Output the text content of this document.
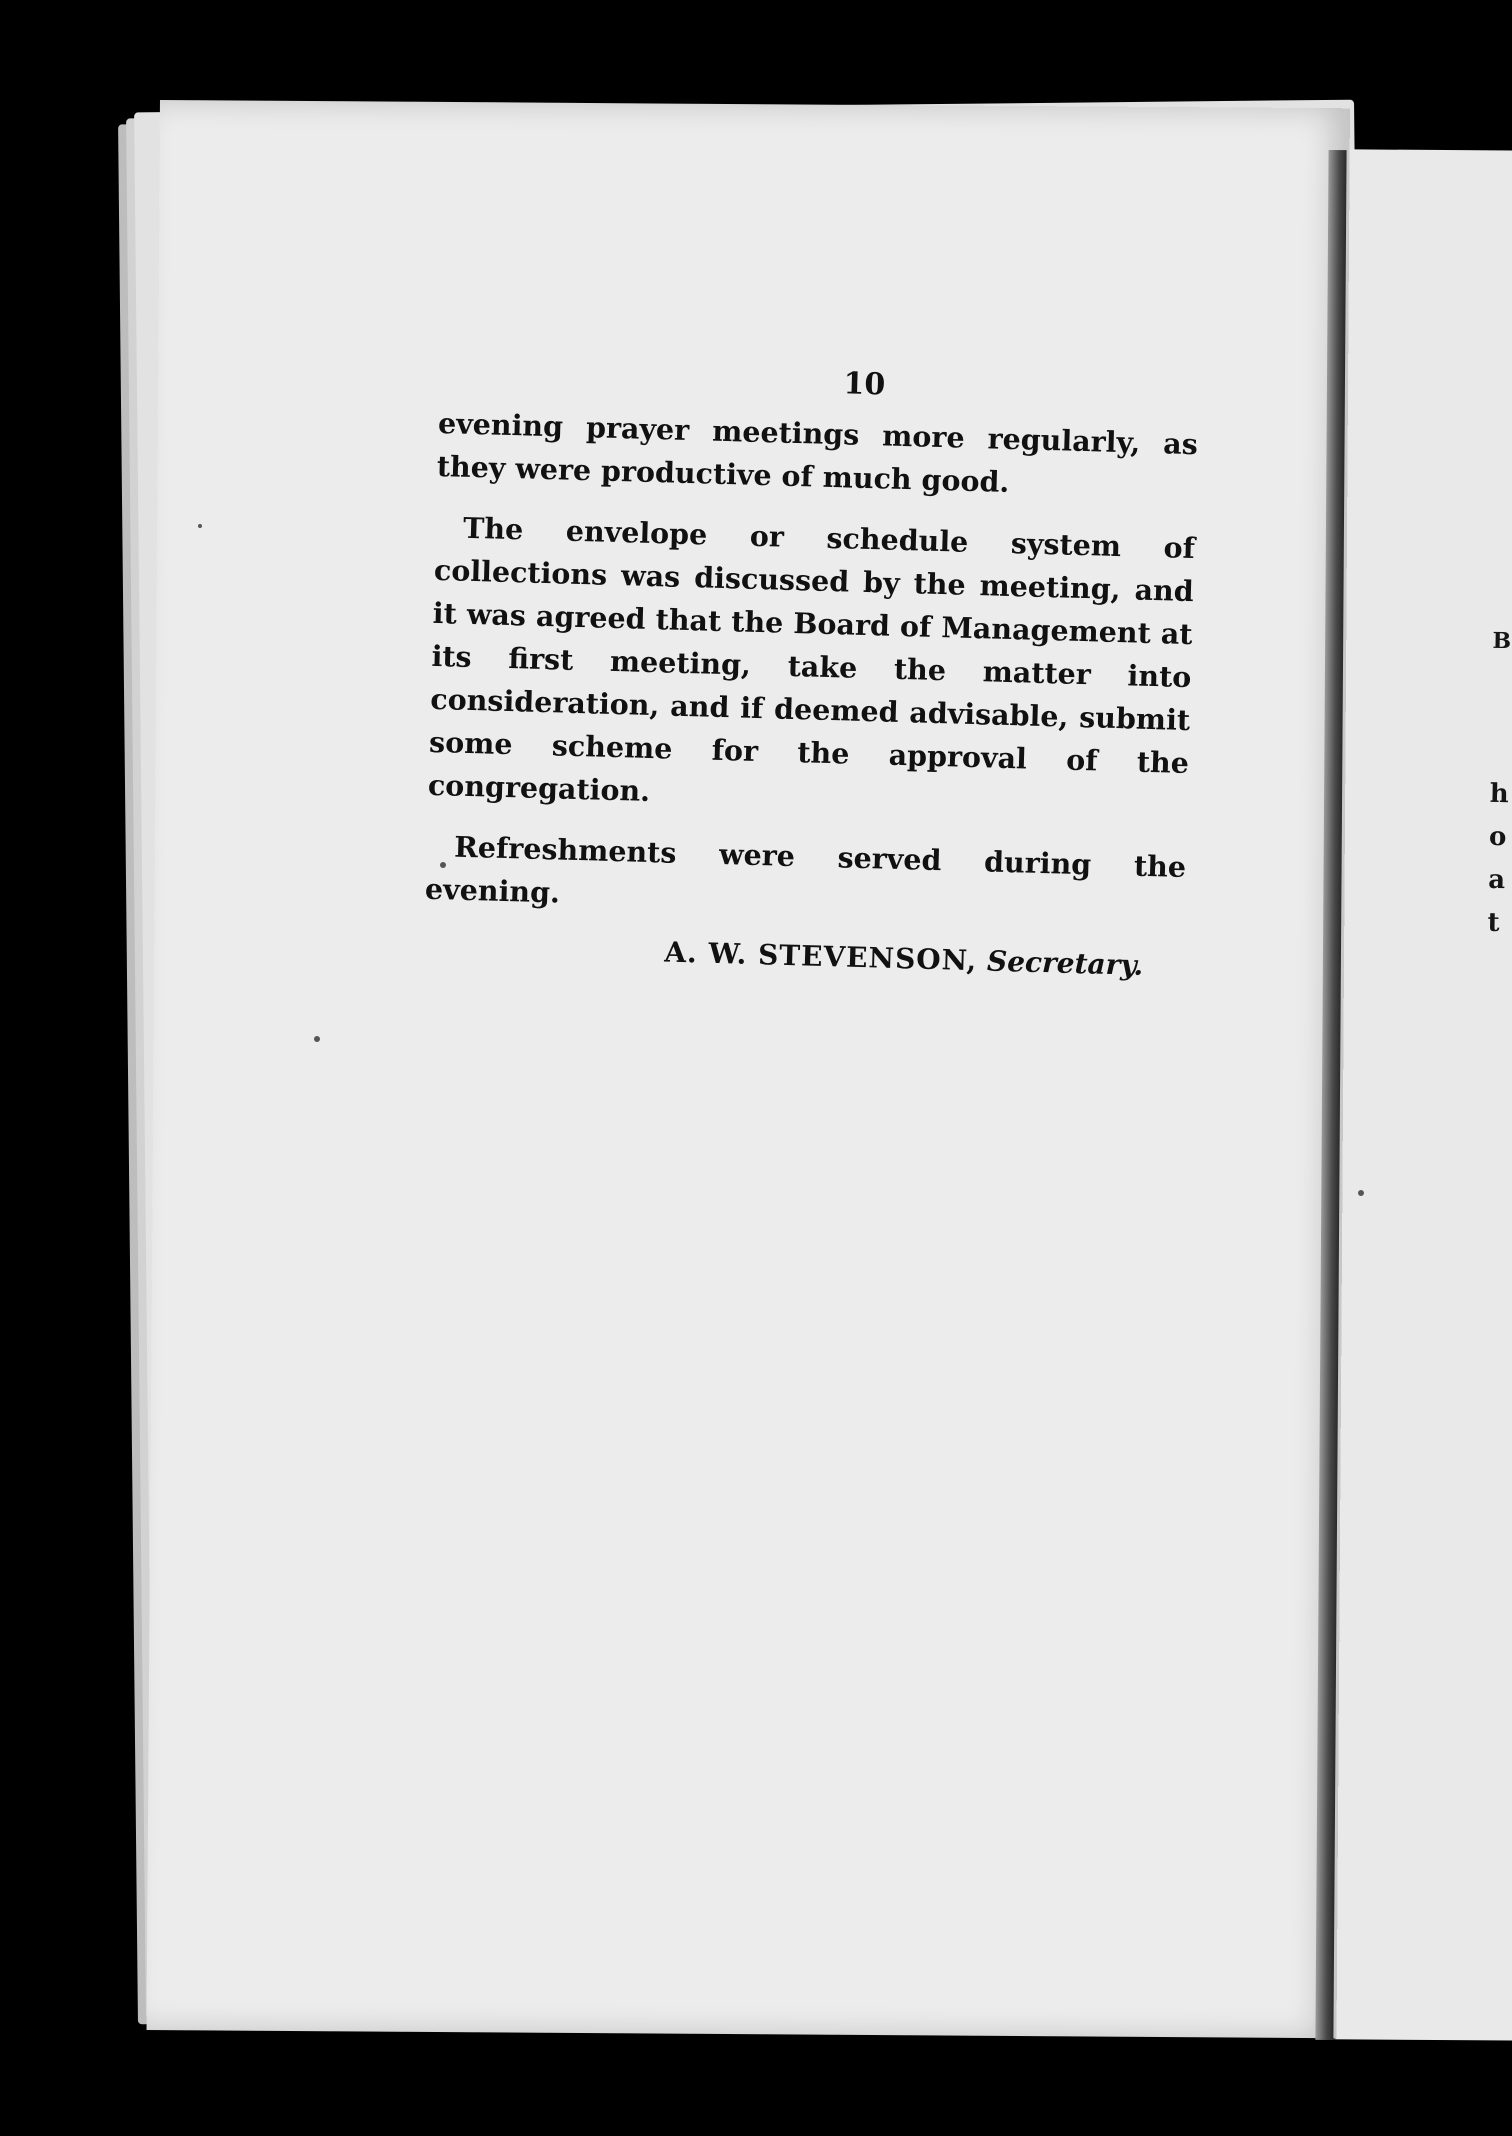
10

evening prayer meetings more regularly, as they were productive of much good.

The envelope or schedule system of collections was discussed by the meeting, and it was agreed that the Board of Management at its first meeting, take the matter into consideration, and if deemed advisable, submit some scheme for the approval of the congregation.

Refreshments were served during the evening.

A. W. STEVENSON, Secretary.
B
h
o
a
t
